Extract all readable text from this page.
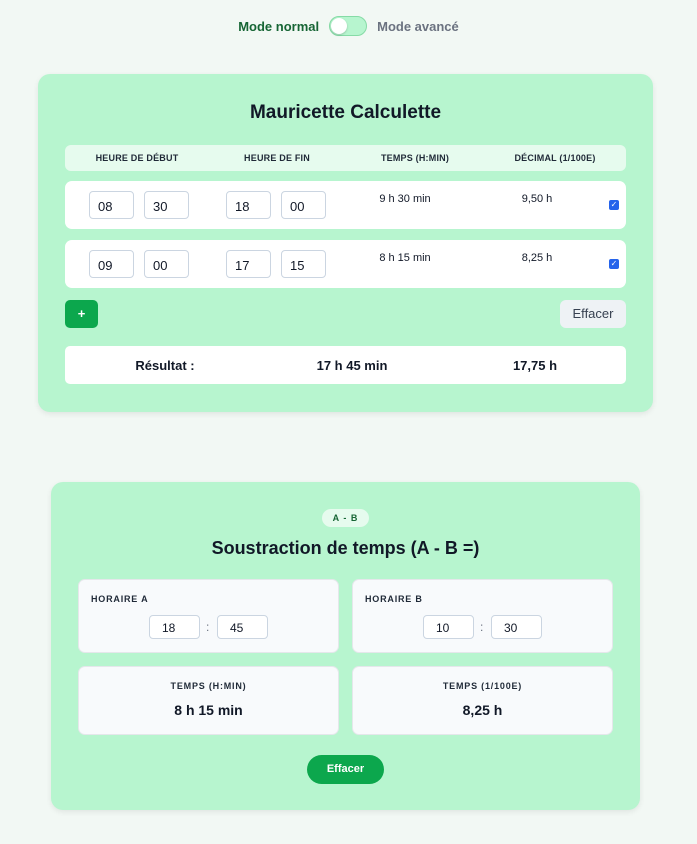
Mode normal	Mode avancé
Mauricette Calculette
HEURE DE DÉBUT	HEURE DE FIN	TEMPS (H:MIN)	DÉCIMAL (1/100E)
08	30	18	00	9 h 30 min	9,50 h	✓
09	00	17	15	8 h 15 min	8,25 h	✓
+	Effacer
Résultat :	17 h 45 min	17,75 h
A - B
Soustraction de temps (A - B =)
HORAIRE A
18	:	45
HORAIRE B
10	:	30
TEMPS (H:MIN)
8 h 15 min
TEMPS (1/100E)
8,25 h
Effacer
